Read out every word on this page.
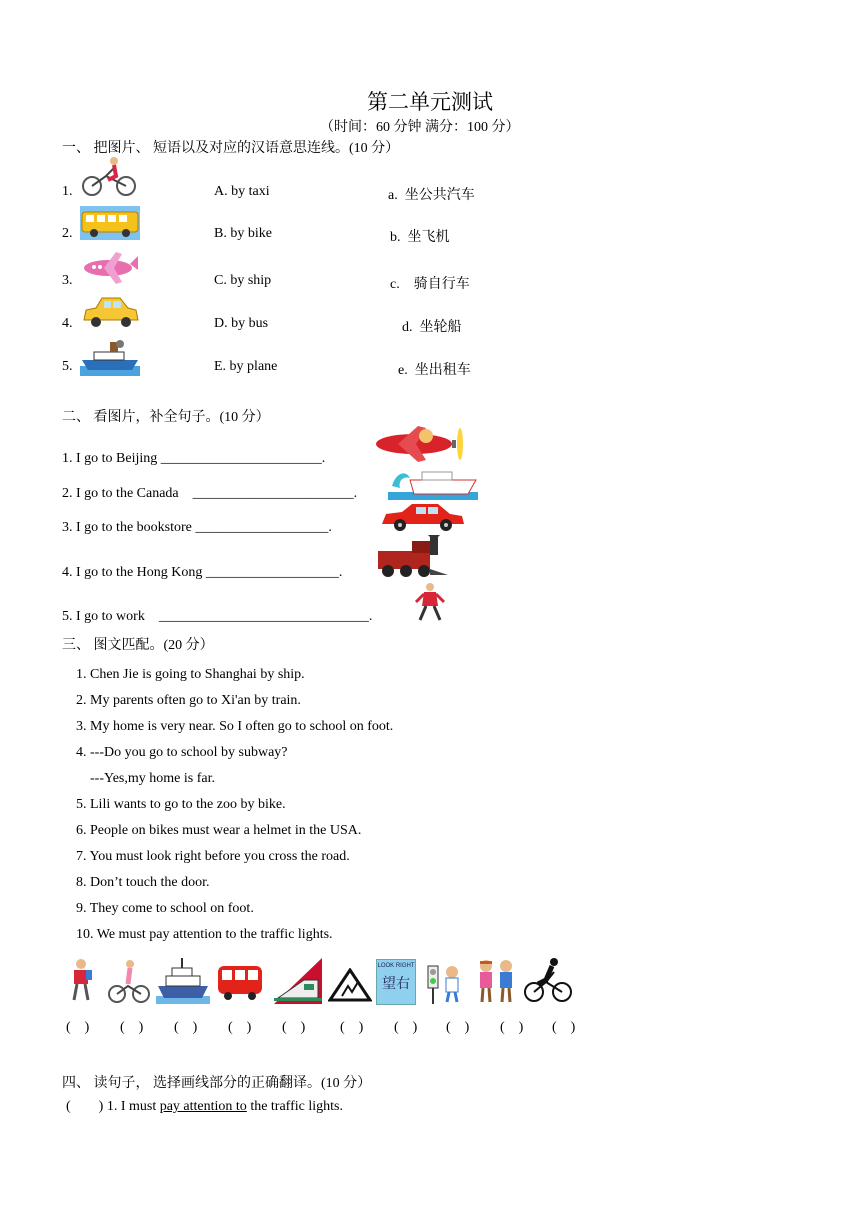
第二单元测试
（时间：60 分钟 满分：100 分）
一、 把图片、 短语以及对应的汉语意思连线。(10 分）
1.
2.
3.
4.
5.
A. by taxi
B. by bike
C. by ship
D. by bus
E. by plane
a.  坐公共汽车
b.  坐飞机
c.    骑自行车
d.  坐轮船
e.  坐出租车
二、 看图片，补全句子。(10 分）
1. I go to Beijing _______________________.
2. I go to the Canada    _______________________.
3. I go to the bookstore ___________________.
4. I go to the Hong Kong ___________________.
5. I go to work    ______________________________.
三、 图文匹配。(20 分）
1. Chen Jie is going to Shanghai by ship.
2. My parents often go to Xi'an by train.
3. My home is very near. So I often go to school on foot.
4. ---Do you go to school by subway?
---Yes,my home is far.
5. Lili wants to go to the zoo by bike.
6. People on bikes must wear a helmet in the USA.
7. You must look right before you cross the road.
8. Don’t touch the door.
9. They come to school on foot.
10. We must pay attention to the traffic lights.
LOOK RIGHT
望右
(    ) (    ) (    ) (    ) (    ) (    ) (    ) (    ) (    ) (    )
四、 读句子， 选择画线部分的正确翻译。(10 分）
(        ) 1. I must pay attention to the traffic lights.
